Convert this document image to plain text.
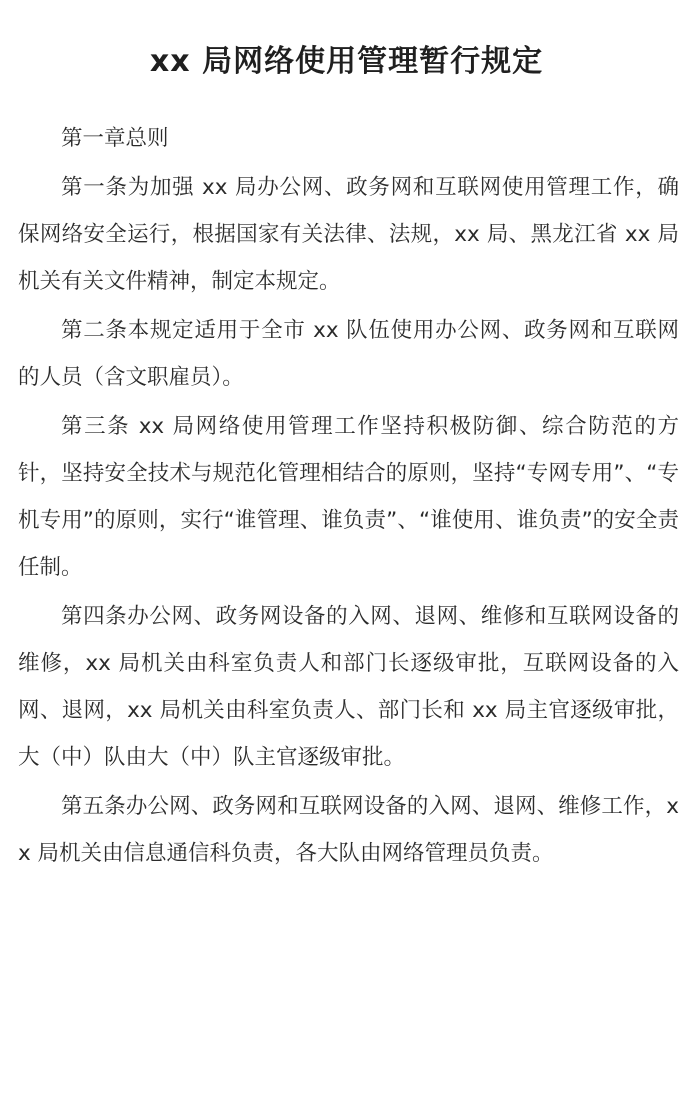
xx 局网络使用管理暂行规定

第一章总则

第一条为加强 xx 局办公网、政务网和互联网使用管理工作，确保网络安全运行，根据国家有关法律、法规，xx 局、黑龙江省 xx 局机关有关文件精神，制定本规定。

第二条本规定适用于全市 xx 队伍使用办公网、政务网和互联网的人员（含文职雇员）。

第三条 xx 局网络使用管理工作坚持积极防御、综合防范的方针，坚持安全技术与规范化管理相结合的原则，坚持“专网专用”、“专机专用”的原则，实行“谁管理、谁负责”、“谁使用、谁负责”的安全责任制。

第四条办公网、政务网设备的入网、退网、维修和互联网设备的维修，xx 局机关由科室负责人和部门长逐级审批，互联网设备的入网、退网，xx 局机关由科室负责人、部门长和 xx 局主官逐级审批，大（中）队由大（中）队主官逐级审批。

第五条办公网、政务网和互联网设备的入网、退网、维修工作，xx 局机关由信息通信科负责，各大队由网络管理员负责。
